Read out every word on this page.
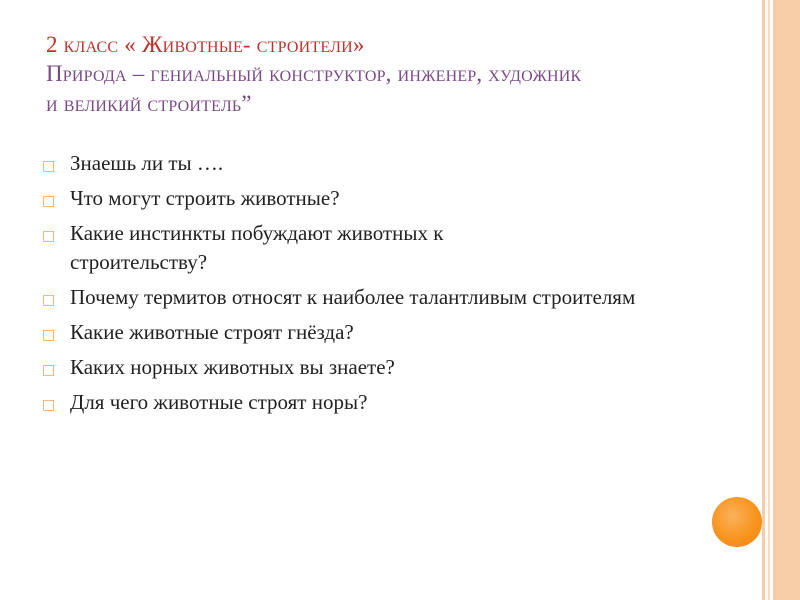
2 класс « Животные- строители»
Природа – гениальный конструктор, инженер, художник
и великий строитель”
□ Знаешь ли ты ….
□ Что могут строить животные?
□ Какие инстинкты побуждают животных к строительству?
□ Почему термитов относят к наиболее талантливым строителям
□ Какие животные строят гнёзда?
□ Каких норных животных вы знаете?
□ Для чего животные строят норы?
